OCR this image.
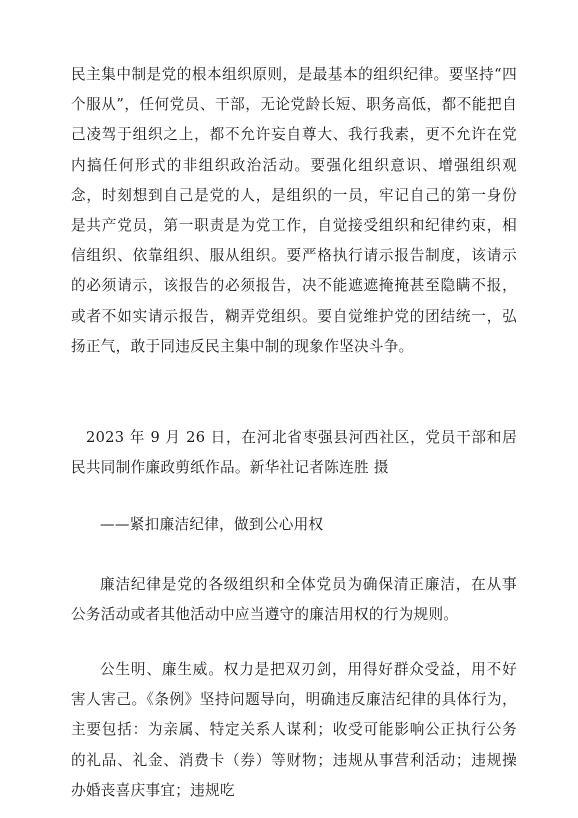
民主集中制是党的根本组织原则，是最基本的组织纪律。要坚持“四个服从”，任何党员、干部，无论党龄长短、职务高低，都不能把自己凌驾于组织之上，都不允许妄自尊大、我行我素，更不允许在党内搞任何形式的非组织政治活动。要强化组织意识、增强组织观念，时刻想到自己是党的人，是组织的一员，牢记自己的第一身份是共产党员，第一职责是为党工作，自觉接受组织和纪律约束，相信组织、依靠组织、服从组织。要严格执行请示报告制度，该请示的必须请示，该报告的必须报告，决不能遮遮掩掩甚至隐瞒不报，或者不如实请示报告，糊弄党组织。要自觉维护党的团结统一，弘扬正气，敢于同违反民主集中制的现象作坚决斗争。

2023 年 9 月 26 日，在河北省枣强县河西社区，党员干部和居民共同制作廉政剪纸作品。新华社记者陈连胜 摄

——紧扣廉洁纪律，做到公心用权

廉洁纪律是党的各级组织和全体党员为确保清正廉洁，在从事公务活动或者其他活动中应当遵守的廉洁用权的行为规则。

公生明、廉生威。权力是把双刃剑，用得好群众受益，用不好害人害己。《条例》坚持问题导向，明确违反廉洁纪律的具体行为，主要包括：为亲属、特定关系人谋利；收受可能影响公正执行公务的礼品、礼金、消费卡（券）等财物；违规从事营利活动；违规操办婚丧喜庆事宜；违规吃
